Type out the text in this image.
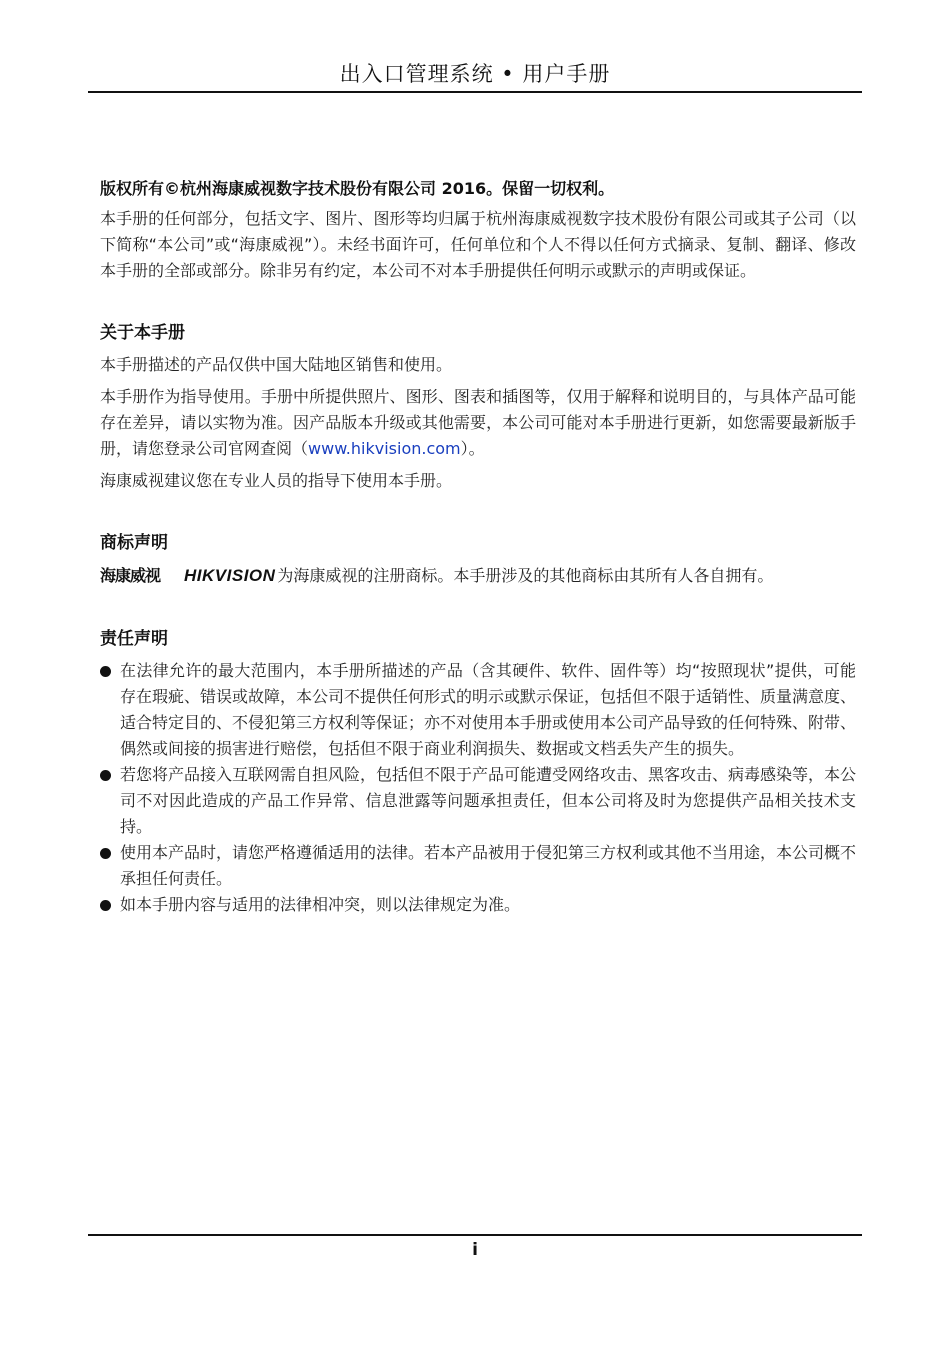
出入口管理系统 • 用户手册

版权所有©杭州海康威视数字技术股份有限公司 2016。保留一切权利。

本手册的任何部分，包括文字、图片、图形等均归属于杭州海康威视数字技术股份有限公司或其子公司（以下简称“本公司”或“海康威视”）。未经书面许可，任何单位和个人不得以任何方式摘录、复制、翻译、修改本手册的全部或部分。除非另有约定，本公司不对本手册提供任何明示或默示的声明或保证。

关于本手册

本手册描述的产品仅供中国大陆地区销售和使用。

本手册作为指导使用。手册中所提供照片、图形、图表和插图等，仅用于解释和说明目的，与具体产品可能存在差异，请以实物为准。因产品版本升级或其他需要，本公司可能对本手册进行更新，如您需要最新版手册，请您登录公司官网查阅（www.hikvision.com）。

海康威视建议您在专业人员的指导下使用本手册。

商标声明

海康威视 HIKVISION 为海康威视的注册商标。本手册涉及的其他商标由其所有人各自拥有。

责任声明
在法律允许的最大范围内，本手册所描述的产品（含其硬件、软件、固件等）均“按照现状”提供，可能存在瑕疵、错误或故障，本公司不提供任何形式的明示或默示保证，包括但不限于适销性、质量满意度、适合特定目的、不侵犯第三方权利等保证；亦不对使用本手册或使用本公司产品导致的任何特殊、附带、偶然或间接的损害进行赔偿，包括但不限于商业利润损失、数据或文档丢失产生的损失。
若您将产品接入互联网需自担风险，包括但不限于产品可能遭受网络攻击、黑客攻击、病毒感染等，本公司不对因此造成的产品工作异常、信息泄露等问题承担责任，但本公司将及时为您提供产品相关技术支持。
使用本产品时，请您严格遵循适用的法律。若本产品被用于侵犯第三方权利或其他不当用途，本公司概不承担任何责任。
如本手册内容与适用的法律相冲突，则以法律规定为准。
i
